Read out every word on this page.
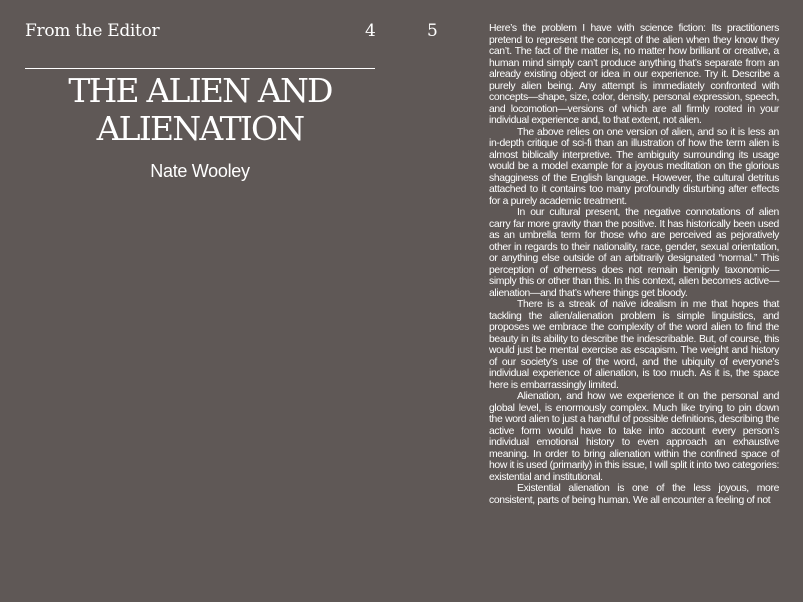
From the Editor	4	5
THE ALIEN AND ALIENATION
Nate Wooley

Here’s the problem I have with science fiction: Its practitioners pretend to represent the concept of the alien when they know they can’t. The fact of the matter is, no matter how brilliant or creative, a human mind simply can’t produce anything that’s separate from an already existing object or idea in our experience. Try it. Describe a purely alien being. Any attempt is immediately confronted with concepts—shape, size, color, density, personal expression, speech, and locomotion—versions of which are all firmly rooted in your individual experience and, to that extent, not alien.

The above relies on one version of alien, and so it is less an in-depth critique of sci-fi than an illustration of how the term alien is almost biblically interpretive. The ambiguity surrounding its usage would be a model example for a joyous meditation on the glorious shagginess of the English language. However, the cultural detritus attached to it contains too many profoundly disturbing after effects for a purely academic treatment.

In our cultural present, the negative connotations of alien carry far more gravity than the positive. It has historically been used as an umbrella term for those who are perceived as pejoratively other in regards to their nationality, race, gender, sexual orientation, or anything else outside of an arbitrarily designated “normal.” This perception of otherness does not remain benignly taxonomic—simply this or other than this. In this context, alien becomes active—alienation—and that’s where things get bloody.

There is a streak of naïve idealism in me that hopes that tackling the alien/alienation problem is simple linguistics, and proposes we embrace the complexity of the word alien to find the beauty in its ability to describe the indescribable. But, of course, this would just be mental exercise as escapism. The weight and history of our society’s use of the word, and the ubiquity of everyone’s individual experience of alienation, is too much. As it is, the space here is embarrassingly limited.

Alienation, and how we experience it on the personal and global level, is enormously complex. Much like trying to pin down the word alien to just a handful of possible definitions, describing the active form would have to take into account every person’s individual emotional history to even approach an exhaustive meaning. In order to bring alienation within the confined space of how it is used (primarily) in this issue, I will split it into two categories: existential and institutional.

Existential alienation is one of the less joyous, more consistent, parts of being human. We all encounter a feeling of not
